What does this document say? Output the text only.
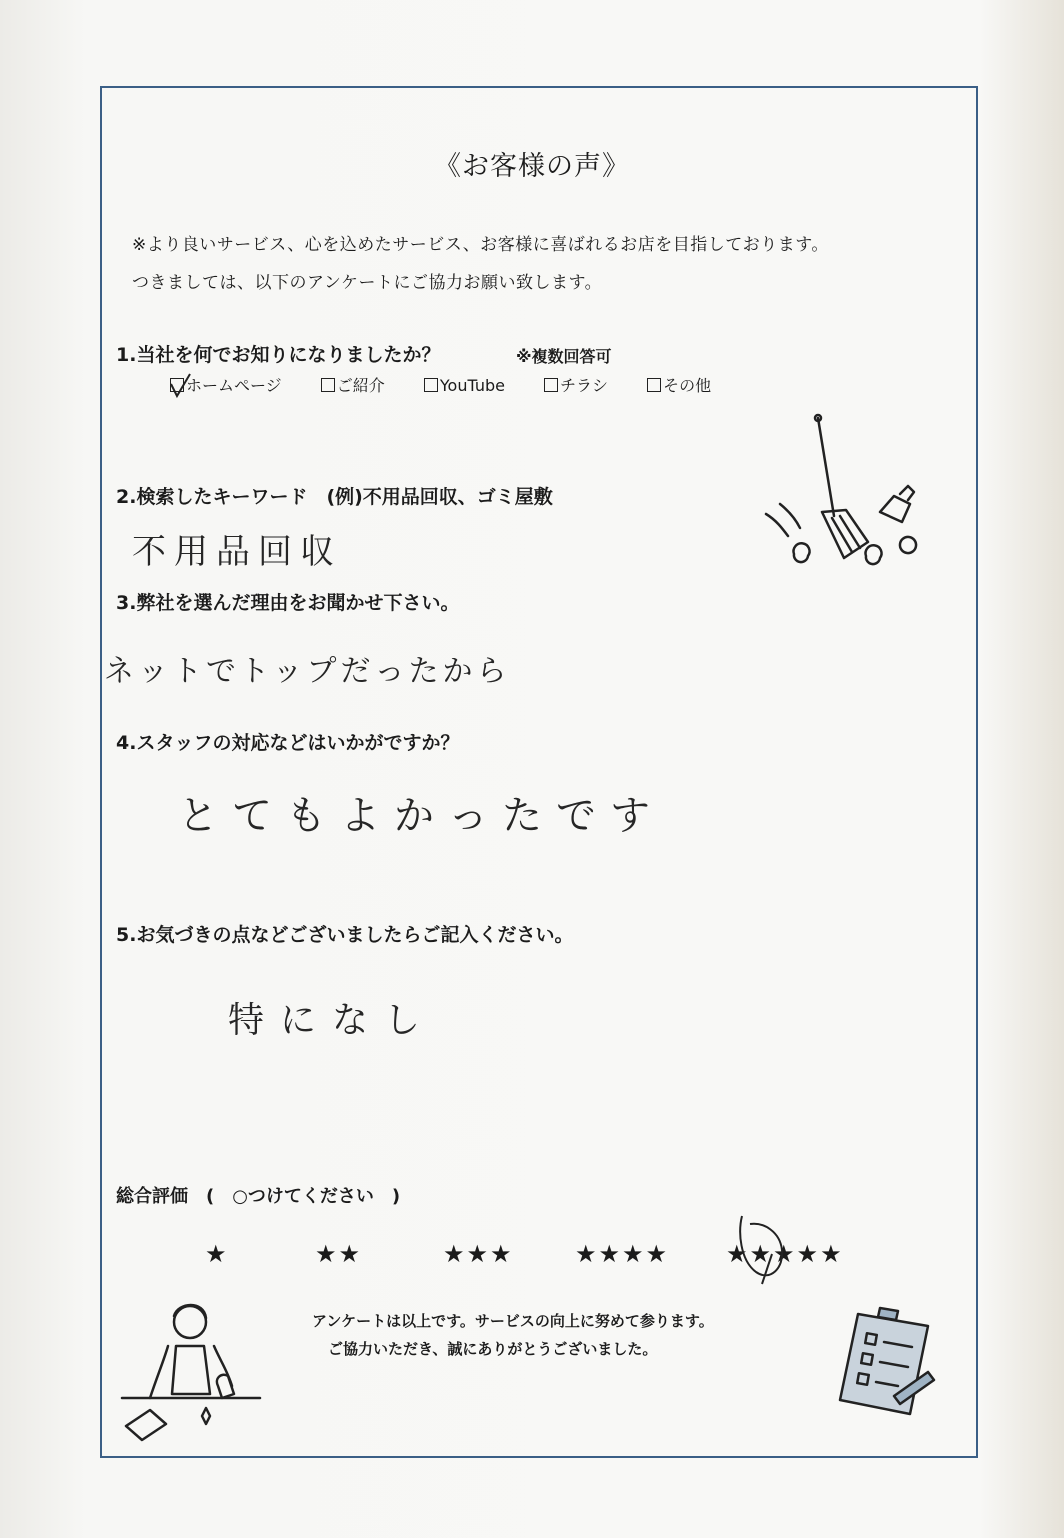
《お客様の声》
※より良いサービス、心を込めたサービス、お客様に喜ばれるお店を目指しております。
つきましては、以下のアンケートにご協力お願い致します。
1.当社を何でお知りになりましたか？	※複数回答可
ホームページ	ご紹介	YouTube	チラシ	その他
2.検索したキーワード　(例)不用品回収、ゴミ屋敷
不用品回収
3.弊社を選んだ理由をお聞かせ下さい。
ネットでトップだったから
4.スタッフの対応などはいかがですか？
とてもよかったです
5.お気づきの点などございましたらご記入ください。
特になし
総合評価　(　○つけてください　)
★	★★	★★★	★★★★ ★★★★★
アンケートは以上です。サービスの向上に努めて参ります。
ご協力いただき、誠にありがとうございました。
